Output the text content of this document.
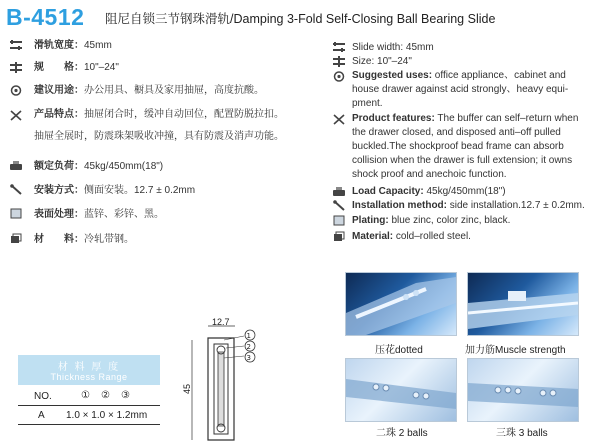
B-4512 阻尼自锁三节钢珠滑轨/Damping 3-Fold Self-Closing Ball Bearing Slide
滑轨宽度：45mm
规　　格：10"–24"
建议用途：办公用具、橱具及家用抽屉，高度抗酸。
产品特点：抽屉闭合时，缓冲自动回位，配置防脱拉扣。
抽屉全展时，防震珠架吸收冲撞，具有防震及消声功能。
额定负荷：45kg/450mm(18")
安装方式：侧面安装。12.7 ± 0.2mm
表面处理：蓝锌、彩锌、黑。
材　　料：冷轧带钢。
Slide width: 45mm
Size: 10"–24"
Suggested uses: office appliance、cabinet and
house drawer against acid strongly、heavy equi-
pment.
Product features: The buffer can self–return when
the drawer closed, and disposed anti–off pulled
buckled.The shockproof bead frame can absorb
collision when the drawer is full extension; it owns
shock proof and anechoic function.
Load Capacity: 45kg/450mm(18")
Installation method: side installation.12.7 ± 0.2mm.
Plating: blue zinc, color zinc, black.
Material: cold–rolled steel.
材 料 厚 度
Thickness Range
NO.	① ② ③
A 1.0 × 1.0 × 1.2mm
12.7
45
1
2
3
压花dotted	加力筋Muscle strength
二珠 2 balls	三珠 3 balls
